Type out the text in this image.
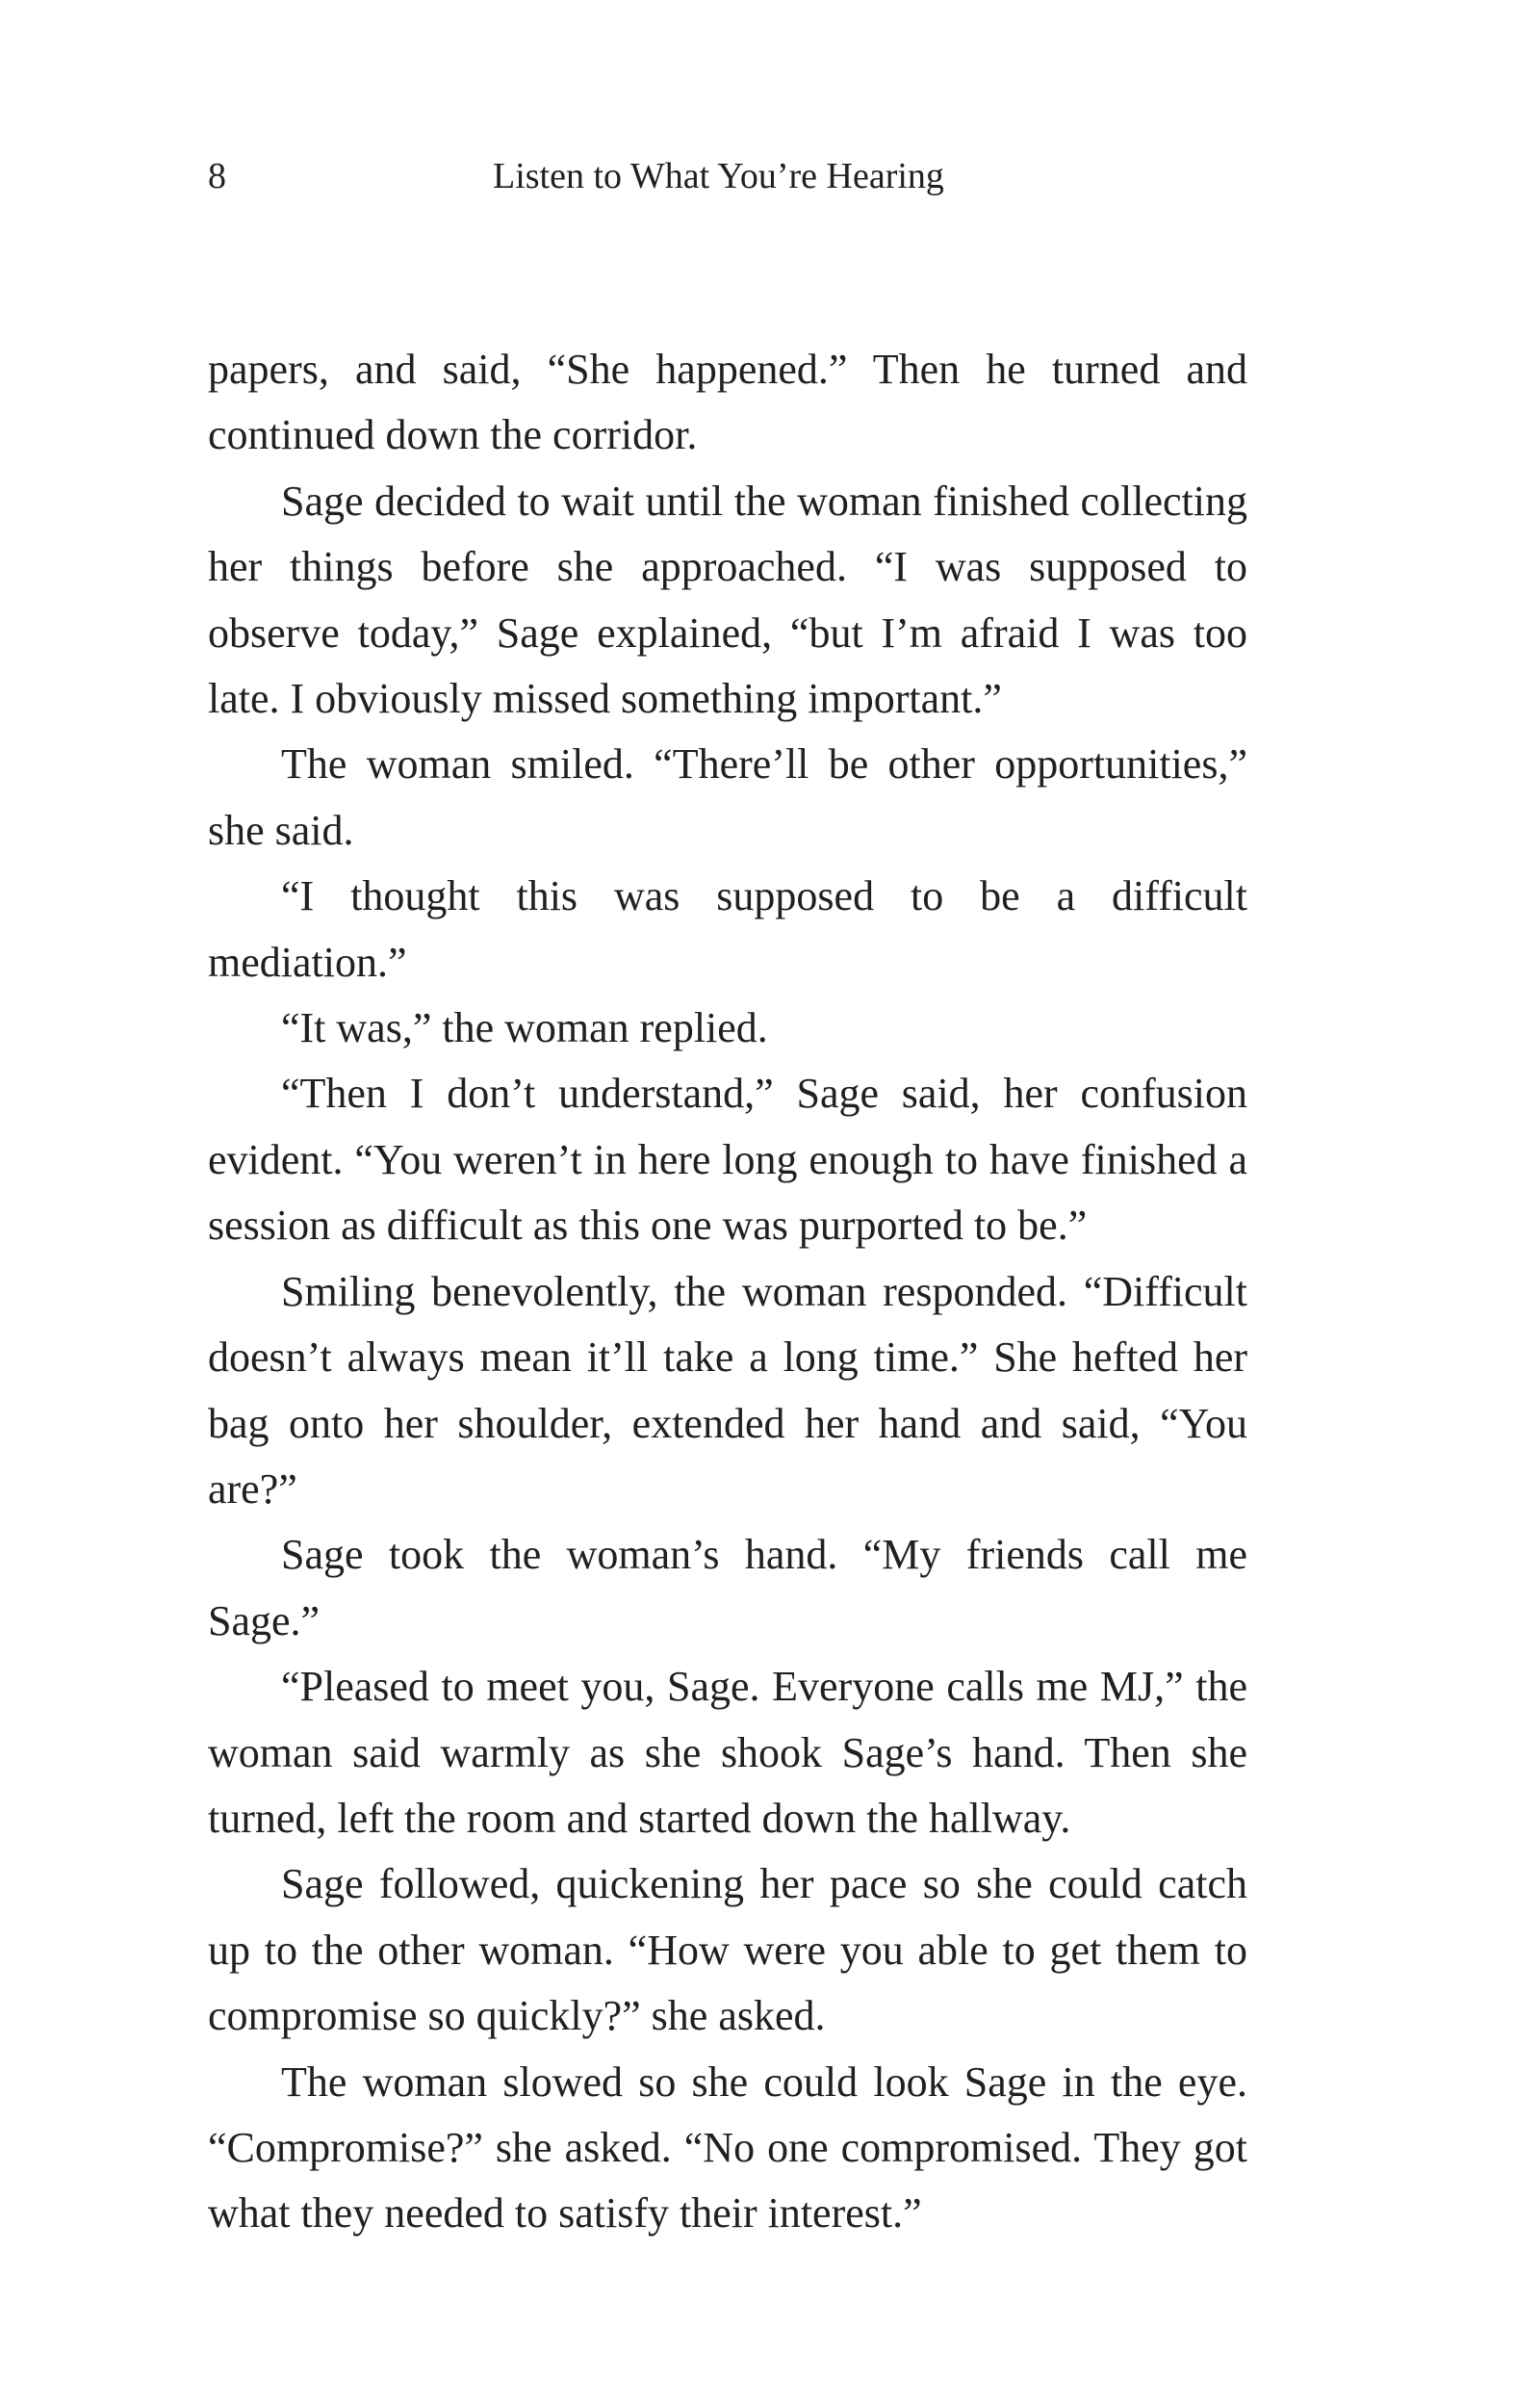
8	Listen to What You’re Hearing

papers, and said, “She happened.” Then he turned and continued down the corridor.

Sage decided to wait until the woman finished collecting her things before she approached. “I was supposed to observe today,” Sage explained, “but I’m afraid I was too late. I obviously missed something important.”

The woman smiled. “There’ll be other opportunities,” she said.

“I thought this was supposed to be a difficult mediation.”

“It was,” the woman replied.

“Then I don’t understand,” Sage said, her confusion evident. “You weren’t in here long enough to have finished a session as difficult as this one was purported to be.”

Smiling benevolently, the woman responded. “Difficult doesn’t always mean it’ll take a long time.” She hefted her bag onto her shoulder, extended her hand and said, “You are?”

Sage took the woman’s hand. “My friends call me Sage.”

“Pleased to meet you, Sage. Everyone calls me MJ,” the woman said warmly as she shook Sage’s hand. Then she turned, left the room and started down the hallway.

Sage followed, quickening her pace so she could catch up to the other woman. “How were you able to get them to compromise so quickly?” she asked.

The woman slowed so she could look Sage in the eye. “Compromise?” she asked. “No one compromised. They got what they needed to satisfy their interest.”
